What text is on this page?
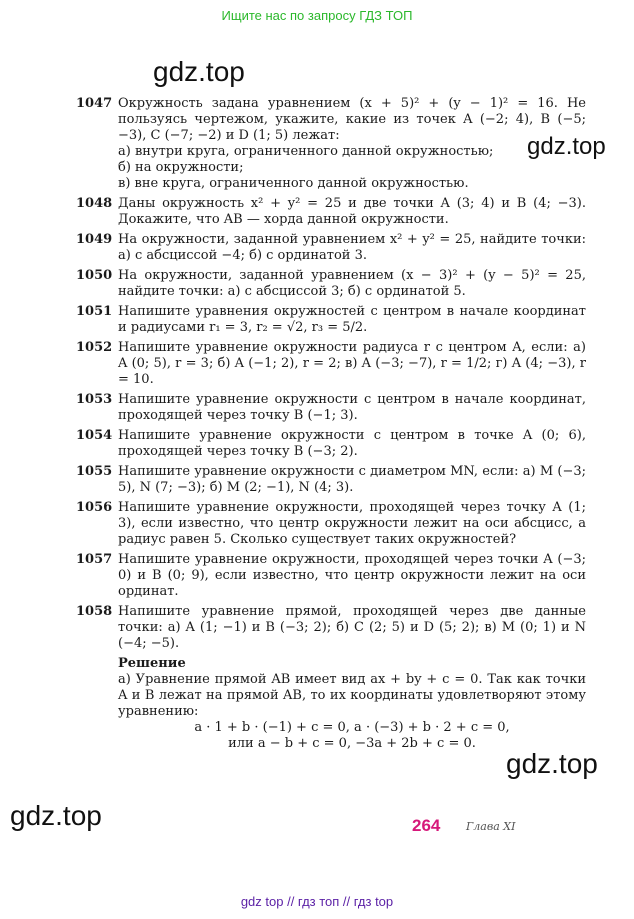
Ищите нас по запросу ГДЗ ТОП
gdz.top
gdz.top
gdz.top
gdz.top
1047 Окружность задана уравнением (x + 5)² + (y − 1)² = 16. Не пользуясь чертежом, укажите, какие из точек A (−2; 4), B (−5; −3), C (−7; −2) и D (1; 5) лежат:

а) внутри круга, ограниченного данной окружностью;

б) на окружности;

в) вне круга, ограниченного данной окружностью.

1048 Даны окружность x² + y² = 25 и две точки A (3; 4) и B (4; −3). Докажите, что AB — хорда данной окружности.

1049 На окружности, заданной уравнением x² + y² = 25, найдите точки: а) с абсциссой −4; б) с ординатой 3.

1050 На окружности, заданной уравнением (x − 3)² + (y − 5)² = 25, найдите точки: а) с абсциссой 3; б) с ординатой 5.

1051 Напишите уравнения окружностей с центром в начале координат и радиусами r₁ = 3, r₂ = √2, r₃ = 5/2.

1052 Напишите уравнение окружности радиуса r с центром A, если: а) A (0; 5), r = 3; б) A (−1; 2), r = 2; в) A (−3; −7), r = 1/2; г) A (4; −3), r = 10.

1053 Напишите уравнение окружности с центром в начале координат, проходящей через точку B (−1; 3).

1054 Напишите уравнение окружности с центром в точке A (0; 6), проходящей через точку B (−3; 2).

1055 Напишите уравнение окружности с диаметром MN, если: а) M (−3; 5), N (7; −3); б) M (2; −1), N (4; 3).

1056 Напишите уравнение окружности, проходящей через точку A (1; 3), если известно, что центр окружности лежит на оси абсцисс, а радиус равен 5. Сколько существует таких окружностей?

1057 Напишите уравнение окружности, проходящей через точки A (−3; 0) и B (0; 9), если известно, что центр окружности лежит на оси ординат.

1058 Напишите уравнение прямой, проходящей через две данные точки: а) A (1; −1) и B (−3; 2); б) C (2; 5) и D (5; 2); в) M (0; 1) и N (−4; −5).

Решение

а) Уравнение прямой AB имеет вид ax + by + c = 0. Так как точки A и B лежат на прямой AB, то их координаты удовлетворяют этому уравнению:

a · 1 + b · (−1) + c = 0, a · (−3) + b · 2 + c = 0,

или a − b + c = 0, −3a + 2b + c = 0.

264 Глава XI
gdz top // гдз топ // гдз top
